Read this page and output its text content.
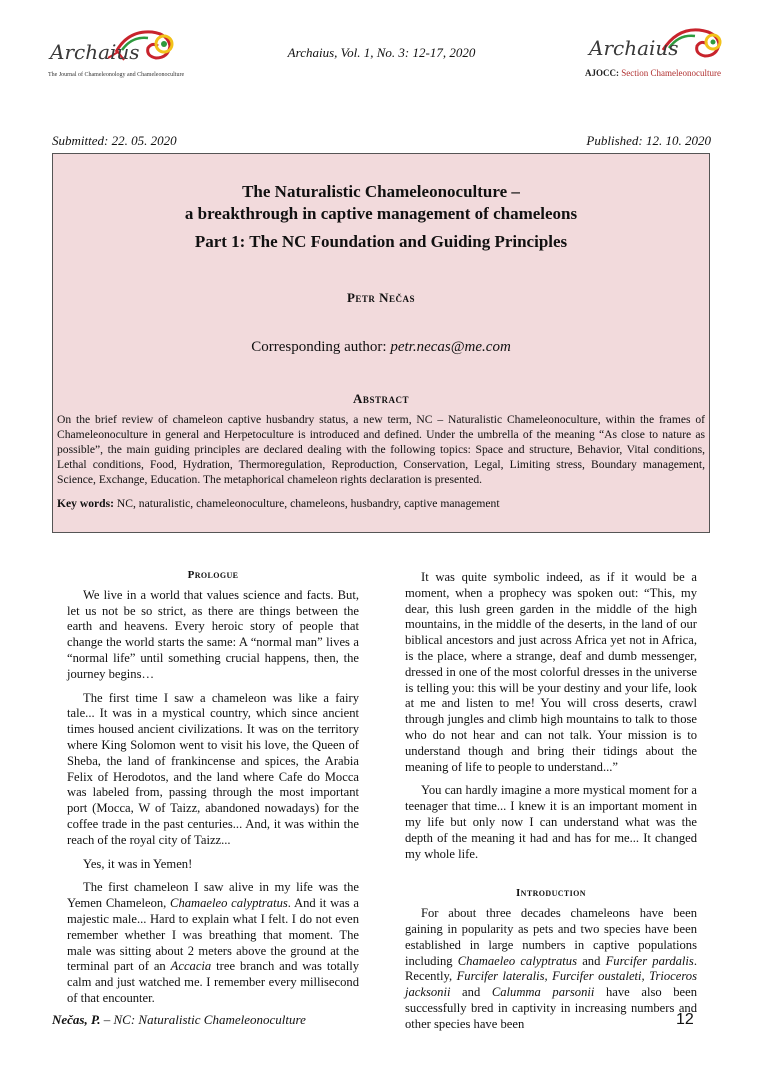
Archaius
The Journal of Chameleonology and Chameleonoculture
Archaius, Vol. 1, No. 3: 12-17, 2020	Archaius
AJOCC: Section Chameleonoculture
Submitted: 22. 05. 2020	Published: 12. 10. 2020
The Naturalistic Chameleonoculture –
a breakthrough in captive management of chameleons
Part 1: The NC Foundation and Guiding Principles
Petr Nečas
Corresponding author: petr.necas@me.com
Abstract
On the brief review of chameleon captive husbandry status, a new term, NC – Naturalistic Chameleonoculture, within the frames of Chameleonoculture in general and Herpetoculture is introduced and defined. Under the umbrella of the meaning “As close to nature as possible”, the main guiding principles are declared dealing with the following topics: Space and structure, Behavior, Vital conditions, Lethal conditions, Food, Hydration, Thermoregulation, Reproduction, Conservation, Legal, Limiting stress, Boundary management, Science, Exchange, Education. The metaphorical chameleon rights declaration is presented.
Key words: NC, naturalistic, chameleonoculture, chameleons, husbandry, captive management
Prologue

We live in a world that values science and facts. But, let us not be so strict, as there are things between the earth and heavens. Every heroic story of people that change the world starts the same: A “normal man” lives a “normal life” until something crucial happens, then, the journey begins…

The first time I saw a chameleon was like a fairy tale... It was in a mystical country, which since ancient times housed ancient civilizations. It was on the territory where King Solomon went to visit his love, the Queen of Sheba, the land of frankincense and spices, the Arabia Felix of Herodotos, and the land where Cafe do Mocca was labeled from, passing through the most important port (Mocca, W of Taizz, abandoned nowadays) for the coffee trade in the past centuries... And, it was within the reach of the royal city of Taizz...

Yes, it was in Yemen!

The first chameleon I saw alive in my life was the Yemen Chameleon, Chamaeleo calyptratus. And it was a majestic male... Hard to explain what I felt. I do not even remember whether I was breathing that moment. The male was sitting about 2 meters above the ground at the terminal part of an Accacia tree branch and was totally calm and just watched me. I remember every millisecond of that encounter.

It was quite symbolic indeed, as if it would be a moment, when a prophecy was spoken out: “This, my dear, this lush green garden in the middle of the high mountains, in the middle of the deserts, in the land of our biblical ancestors and just across Africa yet not in Africa, is the place, where a strange, deaf and dumb messenger, dressed in one of the most colorful dresses in the universe is telling you: this will be your destiny and your life, look at me and listen to me! You will cross deserts, crawl through jungles and climb high mountains to talk to those who do not hear and can not talk. Your mission is to understand though and bring their tidings about the meaning of life to people to understand...”

You can hardly imagine a more mystical moment for a teenager that time... I knew it is an important moment in my life but only now I can understand what was the depth of the meaning it had and has for me... It changed my whole life.

Introduction

For about three decades chameleons have been gaining in popularity as pets and two species have been established in large numbers in captive populations including Chamaeleo calyptratus and Furcifer pardalis. Recently, Furcifer lateralis, Furcifer oustaleti, Trioceros jacksonii and Calumma parsonii have also been successfully bred in captivity in increasing numbers and other species have been

Nečas, P. – NC: Naturalistic Chameleonoculture	12
